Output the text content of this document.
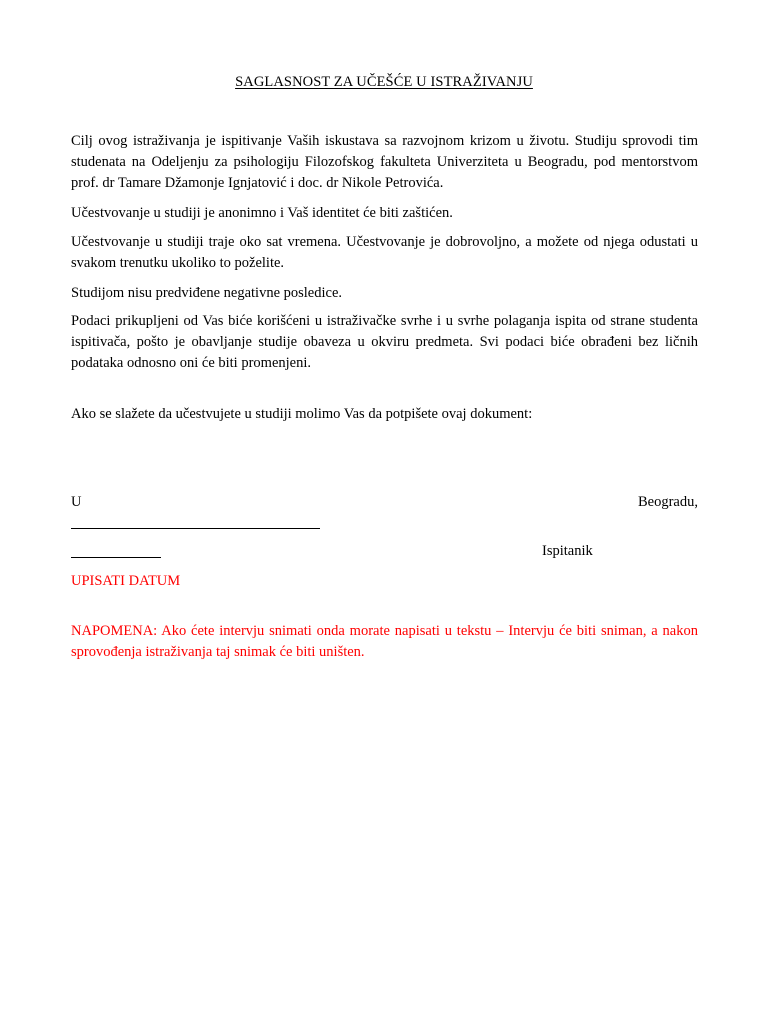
SAGLASNOST ZA UČEŠĆE U ISTRAŽIVANJU

Cilj ovog istraživanja je ispitivanje Vaših iskustava sa razvojnom krizom u životu. Studiju sprovodi tim studenata na Odeljenju za psihologiju Filozofskog fakulteta Univerziteta u Beogradu, pod mentorstvom prof. dr Tamare Džamonje Ignjatović i doc. dr Nikole Petrovića.

Učestvovanje u studiji je anonimno i Vaš identitet će biti zaštićen.

Učestvovanje u studiji traje oko sat vremena. Učestvovanje je dobrovoljno, a možete od njega odustati u svakom trenutku ukoliko to poželite.

Studijom nisu predviđene negativne posledice.

Podaci prikupljeni od Vas biće korišćeni u istraživačke svrhe i u svrhe polaganja ispita od strane studenta ispitivača, pošto je obavljanje studije obaveza u okviru predmeta. Svi podaci biće obrađeni bez ličnih podataka odnosno oni će biti promenjeni.

Ako se slažete da učestvujete u studiji molimo Vas da potpišete ovaj dokument:

U	Beogradu,
Ispitanik
UPISATI DATUM

NAPOMENA: Ako ćete intervju snimati onda morate napisati u tekstu – Intervju će biti sniman, a nakon sprovođenja istraživanja taj snimak će biti uništen.
